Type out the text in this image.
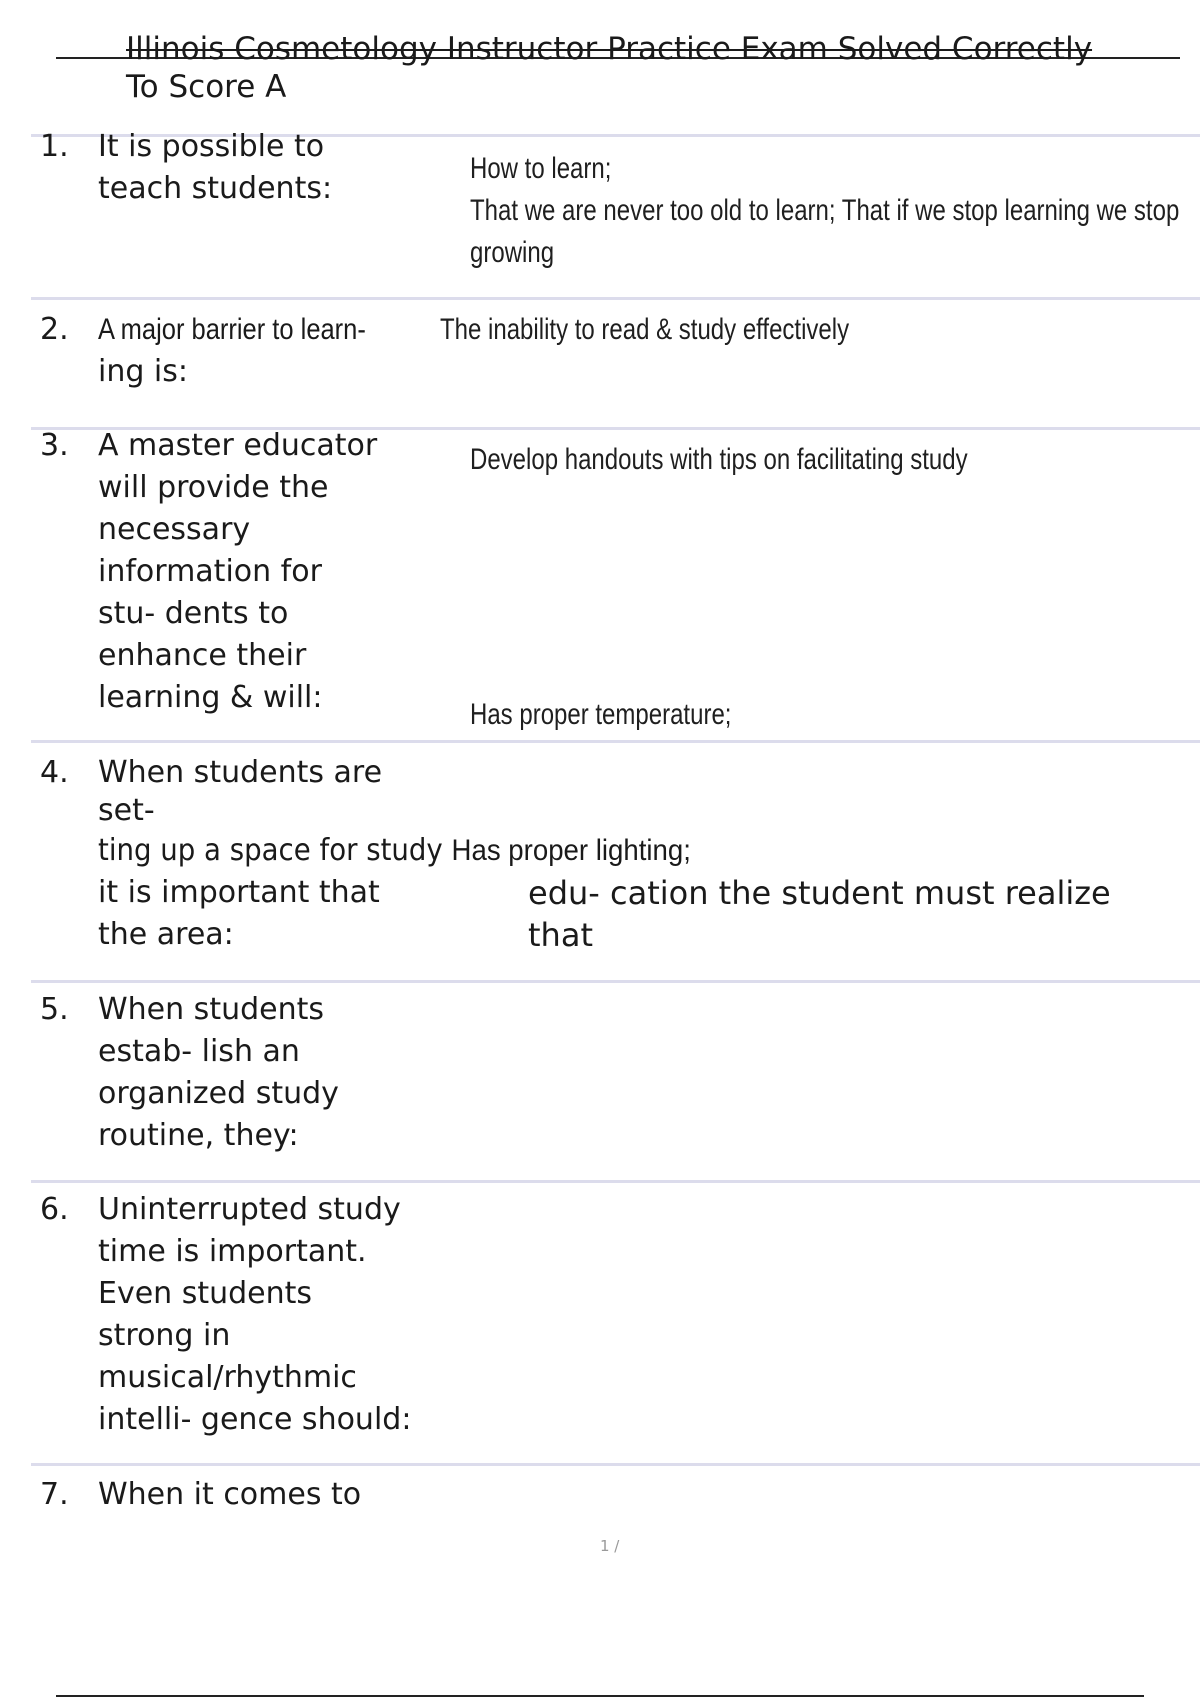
Illinois Cosmetology Instructor Practice Exam Solved Correctly
To Score A
1. It is possible to
teach students:
How to learn;
That we are never too old to learn; That if we stop learning we stop
growing
2. A major barrier to learn-
ing is:
The inability to read & study effectively
3. A master educator
will provide the
necessary
information for
stu- dents to
enhance their
learning & will:
Develop handouts with tips on facilitating study
Has proper temperature;
4. When students are
set-
ting up a space for study Has proper lighting;
it is important that
the area:
edu- cation the student must realize
that
5. When students
estab- lish an
organized study
routine, they:
6. Uninterrupted study
time is important.
Even students
strong in
musical/rhythmic
intelli- gence should:
7. When it comes to
1 /
